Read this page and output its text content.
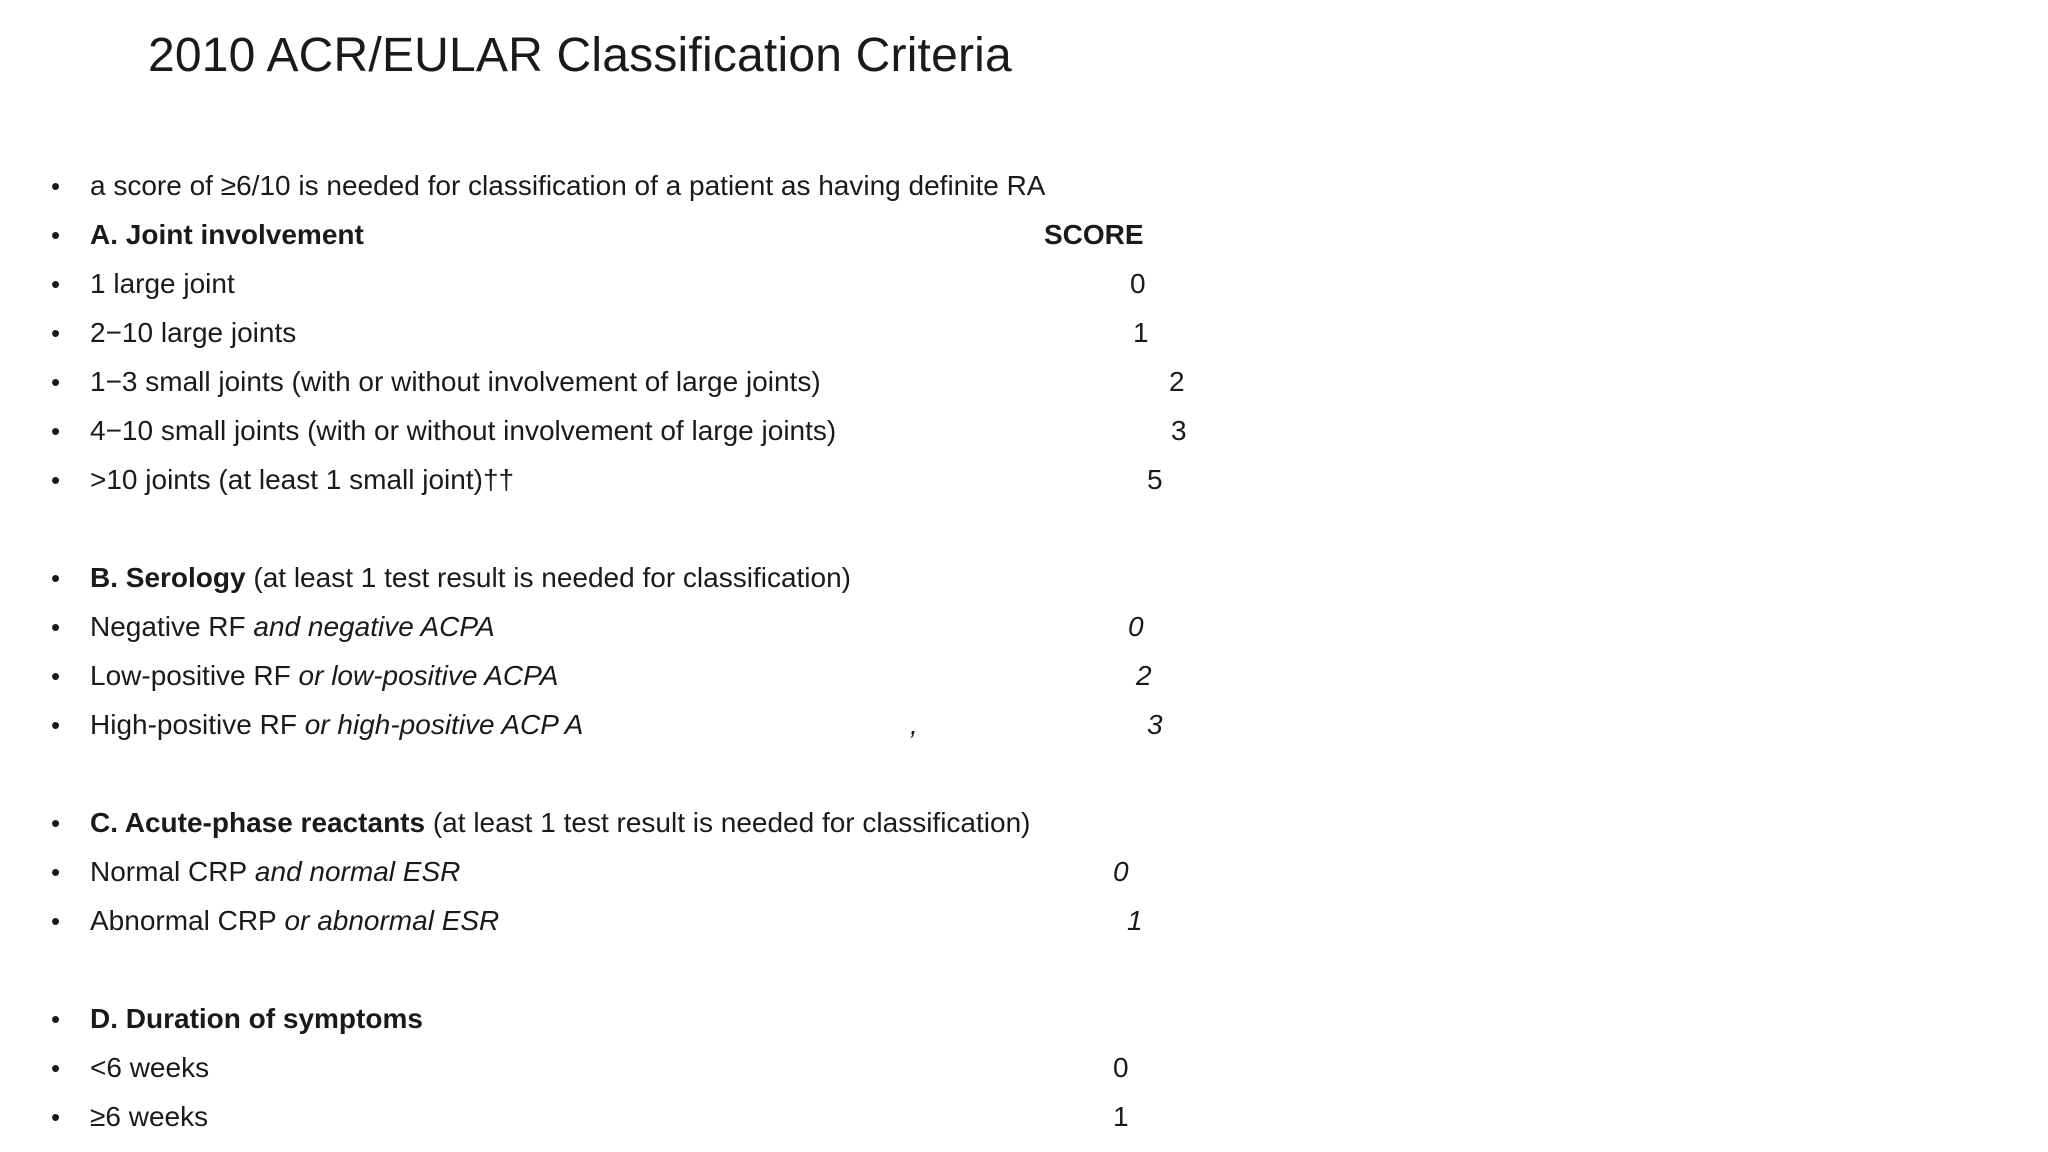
2010 ACR/EULAR Classification Criteria
• a score of ≥6/10 is needed for classification of a patient as having definite RA
• A. Joint involvement	SCORE
• 1 large joint	0
• 2−10 large joints	1
• 1−3 small joints (with or without involvement of large joints)	2
• 4−10 small joints (with or without involvement of large joints)	3
• >10 joints (at least 1 small joint)††	5
• B. Serology (at least 1 test result is needed for classification)
• Negative RF and negative ACPA	0
• Low-positive RF or low-positive ACPA	2
• High-positive RF or high-positive ACP A	,	3
• C. Acute-phase reactants (at least 1 test result is needed for classification)
• Normal CRP and normal ESR	0
• Abnormal CRP or abnormal ESR	1
• D. Duration of symptoms
• <6 weeks	0
• ≥6 weeks	1
